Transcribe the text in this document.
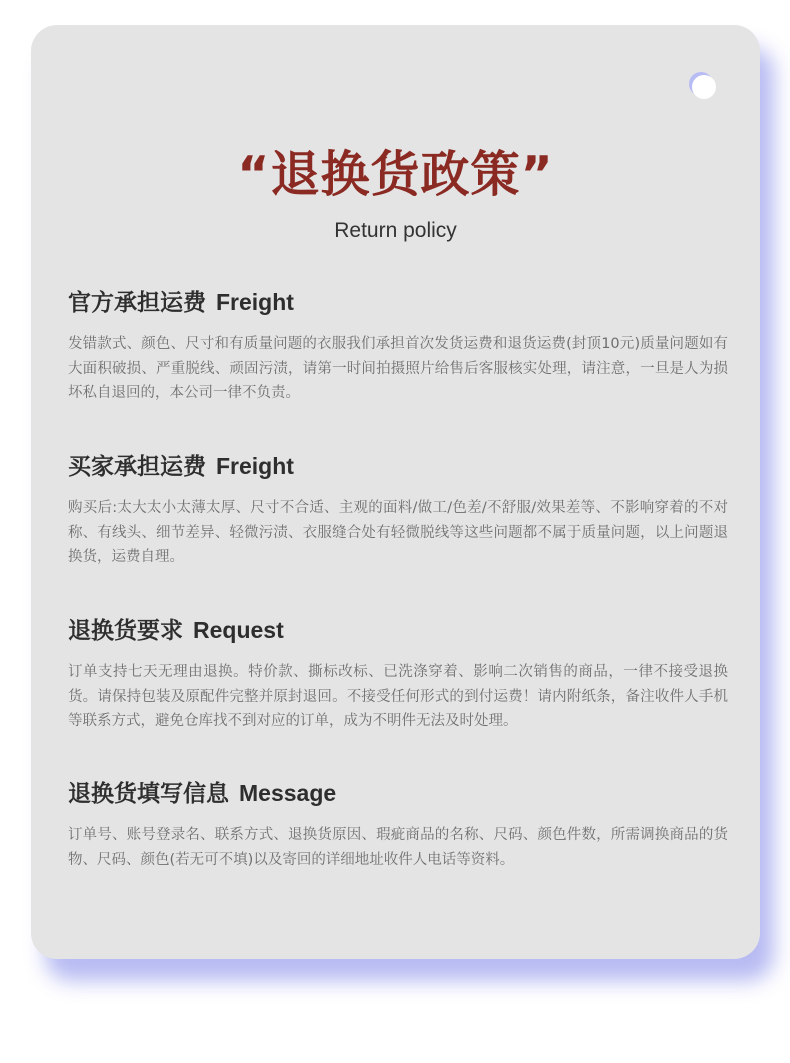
“退换货政策”
Return policy
官方承担运费 Freight

发错款式、颜色、尺寸和有质量问题的衣服我们承担首次发货运费和退货运费(封顶10元)质量问题如有大面积破损、严重脱线、顽固污渍，请第一时间拍摄照片给售后客服核实处理，请注意，一旦是人为损坏私自退回的，本公司一律不负责。

买家承担运费 Freight

购买后:太大太小太薄太厚、尺寸不合适、主观的面料/做工/色差/不舒服/效果差等、不影响穿着的不对称、有线头、细节差异、轻微污渍、衣服缝合处有轻微脱线等这些问题都不属于质量问题，以上问题退换货，运费自理。

退换货要求 Request

订单支持七天无理由退换。特价款、撕标改标、已洗涤穿着、影响二次销售的商品，一律不接受退换货。请保持包装及原配件完整并原封退回。不接受任何形式的到付运费！请内附纸条，备注收件人手机等联系方式，避免仓库找不到对应的订单，成为不明件无法及时处理。

退换货填写信息 Message

订单号、账号登录名、联系方式、退换货原因、瑕疵商品的名称、尺码、颜色件数，所需调换商品的货物、尺码、颜色(若无可不填)以及寄回的详细地址收件人电话等资料。
